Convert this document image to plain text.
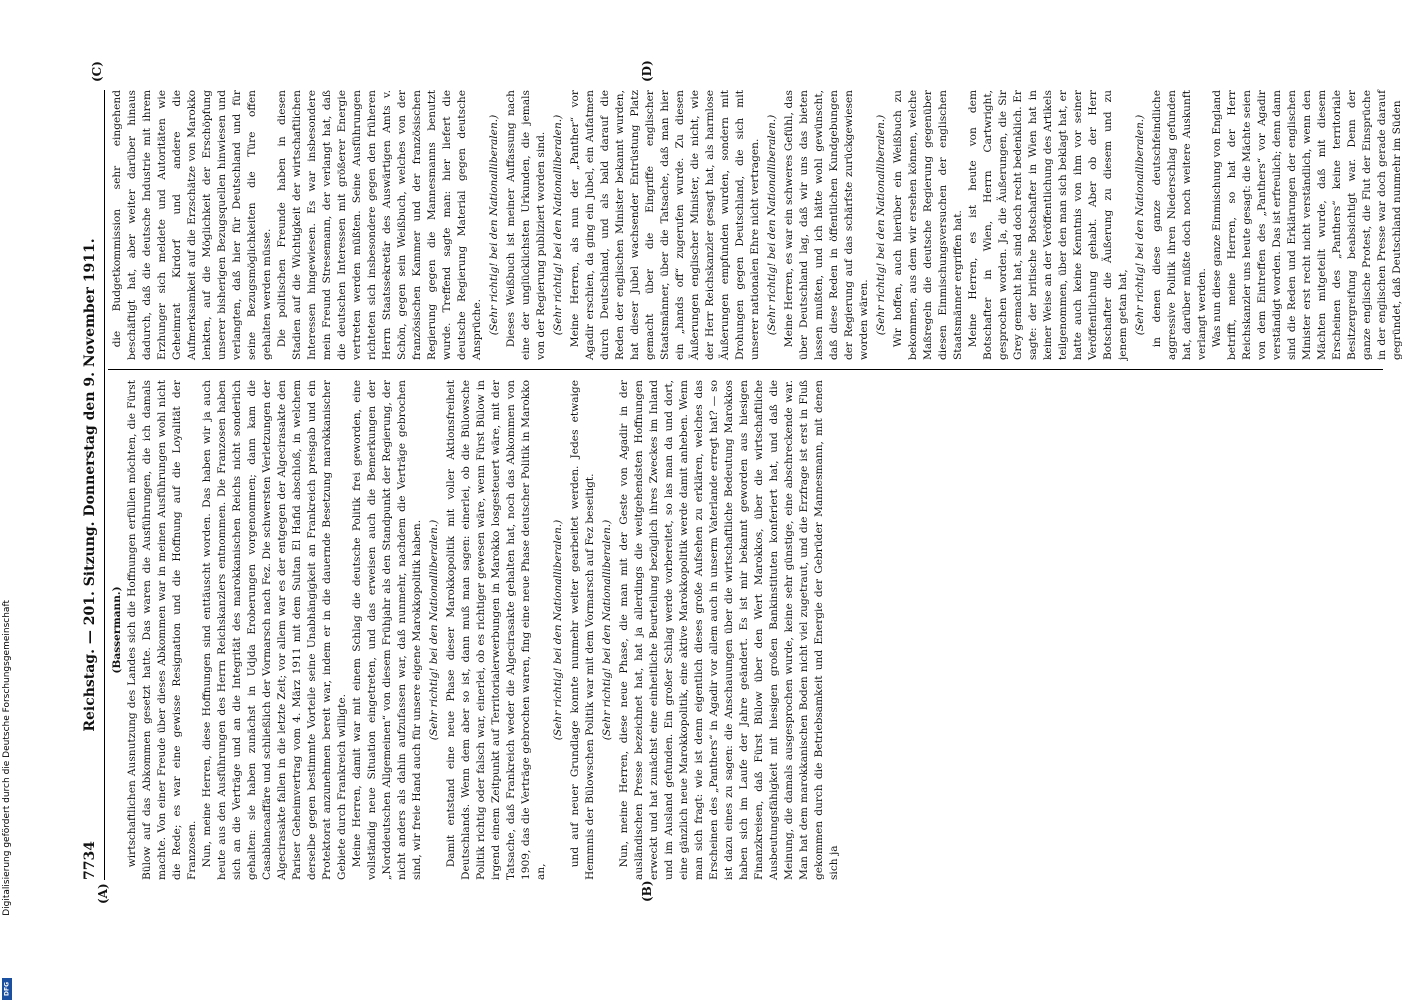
7734
Reichstag. — 201. Sitzung. Donnerstag den 9. November 1911.
(A)	(B)
(C)	(D)

(Bassermann.) wirtschaftlichen Ausnutzung des Landes sich die Hoffnungen erfüllen möchten, die Fürst Bülow auf das Abkommen gesetzt hatte. Das waren die Ausführungen, die ich damals machte. Von einer Freude über dieses Abkommen war in meinen Ausführungen wohl nicht die Rede; es war eine gewisse Resignation und die Hoffnung auf die Loyalität der Franzosen. Nun, meine Herren, diese Hoffnungen sind enttäuscht worden. Das haben wir ja auch heute aus den Ausführungen des Herrn Reichskanzlers entnommen. Die Franzosen haben sich an die Verträge und an die Integrität des marokkanischen Reichs nicht sonderlich gehalten: sie haben zunächst in Udjda Eroberungen vorgenommen; dann kam die Casablancaaffäre und schließlich der Vormarsch nach Fez. Die schwersten Verletzungen der Algecirasakte fallen in die letzte Zeit; vor allem war es der entgegen der Algecirasakte den Pariser Geheimvertrag vom 4. März 1911 mit dem Sultan El Hafid abschloß, in welchem derselbe gegen bestimmte Vorteile seine Unabhängigkeit an Frankreich preisgab und ein Protektorat anzunehmen bereit war, indem er in die dauernde Besetzung marokkanischer Gebiete durch Frankreich willigte. Meine Herren, damit war mit einem Schlag die deutsche Politik frei geworden, eine vollständig neue Situation eingetreten, und das erweisen auch die Bemerkungen der „Norddeutschen Allgemeinen“ von diesem Frühjahr als den Standpunkt der Regierung, der nicht anders als dahin aufzufassen war, daß nunmehr, nachdem die Verträge gebrochen sind, wir freie Hand auch für unsere eigene Marokkopolitik haben. (Sehr richtig! bei den Nationalliberalen.) Damit entstand eine neue Phase dieser Marokkopolitik mit voller Aktionsfreiheit Deutschlands. Wenn dem aber so ist, dann muß man sagen: einerlei, ob die Bülowsche Politik richtig oder falsch war, einerlei, ob es richtiger gewesen wäre, wenn Fürst Bülow in irgend einem Zeitpunkt auf Territorialerwerbungen in Marokko losgesteuert wäre, mit der Tatsache, daß Frankreich weder die Algecirasakte gehalten hat, noch das Abkommen von 1909, das die Verträge gebrochen waren, fing eine neue Phase deutscher Politik in Marokko an,

(Sehr richtig! bei den Nationalliberalen.) und auf neuer Grundlage konnte nunmehr weiter gearbeitet werden. Jedes etwaige Hemmnis der Bülowschen Politik war mit dem Vormarsch auf Fez beseitigt. (Sehr richtig! bei den Nationalliberalen.) Nun, meine Herren, diese neue Phase, die man mit der Geste von Agadir in der ausländischen Presse bezeichnet hat, hat ja allerdings die weitgehendsten Hoffnungen erweckt und hat zunächst eine einheitliche Beurteilung bezüglich ihres Zweckes im Inland und im Ausland gefunden. Ein großer Schlag werde vorbereitet, so las man da und dort, eine gänzlich neue Marokkopolitik, eine aktive Marokkopolitik werde damit anheben. Wenn man sich fragt: wie ist denn eigentlich dieses große Aufsehen zu erklären, welches das Erscheinen des „Panthers“ in Agadir vor allem auch in unserm Vaterlande erregt hat? — so ist dazu eines zu sagen: die Anschauungen über die wirtschaftliche Bedeutung Marokkos haben sich im Laufe der Jahre geändert. Es ist mir bekannt geworden aus hiesigen Finanzkreisen, daß Fürst Bülow über den Wert Marokkos, über die wirtschaftliche Ausbeutungsfähigkeit mit hiesigen großen Bankinstituten konferiert hat, und daß die Meinung, die damals ausgesprochen wurde, keine sehr günstige, eine abschreckende war. Man hat dem marokkanischen Boden nicht viel zugetraut, und die Erzfrage ist erst in Fluß gekommen durch die Betriebsamkeit und Energie der Gebrüder Mannesmann, mit denen sich ja

die Budgetkommission sehr eingehend beschäftigt hat, aber weiter darüber hinaus dadurch, daß die deutsche Industrie mit ihrem Erzhunger sich meldete und Autoritäten wie Geheimrat Kirdorf und andere die Aufmerksamkeit auf die Erzschätze von Marokko lenkten, auf die Möglichkeit der Erschöpfung unserer bisherigen Bezugsquellen hinwiesen und verlangten, daß hier für Deutschland und für seine Bezugsmöglichkeiten die Türe offen gehalten werden müsse. Die politischen Freunde haben in diesen Stadien auf die Wichtigkeit der wirtschaftlichen Interessen hingewiesen. Es war insbesondere mein Freund Stresemann, der verlangt hat, daß die deutschen Interessen mit größerer Energie vertreten werden müßten. Seine Ausführungen richteten sich insbesondere gegen den früheren Herrn Staatssekretär des Auswärtigen Amts v. Schön, gegen sein Weißbuch, welches von der französischen Kammer und der französischen Regierung gegen die Mannesmanns benutzt wurde. Treffend sagte man: hier liefert die deutsche Regierung Material gegen deutsche Ansprüche. (Sehr richtig! bei den Nationalliberalen.) Dieses Weißbuch ist meiner Auffassung nach eine der unglücklichsten Urkunden, die jemals von der Regierung publiziert worden sind. (Sehr richtig! bei den Nationalliberalen.) Meine Herren, als nun der „Panther“ vor Agadir erschien, da ging ein Jubel, ein Aufatmen durch Deutschland, und als bald darauf die Reden der englischen Minister bekannt wurden, hat dieser Jubel wachsender Entrüstung Platz gemacht über die Eingriffe englischer Staatsmänner, über die Tatsache, daß man hier ein „hands off“ zugerufen wurde. Zu diesen Äußerungen englischer Minister, die nicht, wie der Herr Reichskanzler gesagt hat, als harmlose Äußerungen empfunden wurden, sondern mit Drohungen gegen Deutschland, die sich mit unserer nationalen Ehre nicht vertragen. (Sehr richtig! bei den Nationalliberalen.) Meine Herren, es war ein schweres Gefühl, das über Deutschland lag, daß wir uns das bieten lassen mußten, und ich hätte wohl gewünscht, daß diese Reden in öffentlichen Kundgebungen der Regierung auf das schärfste zurückgewiesen worden wären. (Sehr richtig! bei den Nationalliberalen.) Wir hoffen, auch hierüber ein Weißbuch zu bekommen, aus dem wir ersehen können, welche Maßregeln die deutsche Regierung gegenüber diesen Einmischungsversuchen der englischen Staatsmänner ergriffen hat. Meine Herren, es ist heute von dem Botschafter in Wien, Herrn Cartwright, gesprochen worden. Ja, die Äußerungen, die Sir Grey gemacht hat, sind doch recht bedenklich. Er sagte: der britische Botschafter in Wien hat in keiner Weise an der Veröffentlichung des Artikels teilgenommen, über den man sich beklagt hat, er hatte auch keine Kenntnis von ihm vor seiner Veröffentlichung gehabt. Aber ob der Herr Botschafter die Äußerung zu diesem und zu jenem getan hat, (Sehr richtig! bei den Nationalliberalen.) in denen diese ganze deutschfeindliche aggressive Politik ihren Niederschlag gefunden hat, darüber müßte doch noch weitere Auskunft verlangt werden. Was nun diese ganze Einmischung von England betrifft, meine Herren, so hat der Herr Reichskanzler uns heute gesagt: die Mächte seien von dem Eintreffen des „Panthers“ vor Agadir verständigt worden. Das ist erfreulich; denn dann sind die Reden und Erklärungen der englischen Minister erst recht nicht verständlich, wenn den Mächten mitgeteilt wurde, daß mit diesem Erscheinen des „Panthers“ keine territoriale Besitzergreifung beabsichtigt war. Denn der ganze englische Protest, die Flut der Einsprüche in der englischen Presse war doch gerade darauf gegründet, daß Deutschland nunmehr im Süden

Digitalisierung gefördert durch die Deutsche Forschungsgemeinschaft
DFG
